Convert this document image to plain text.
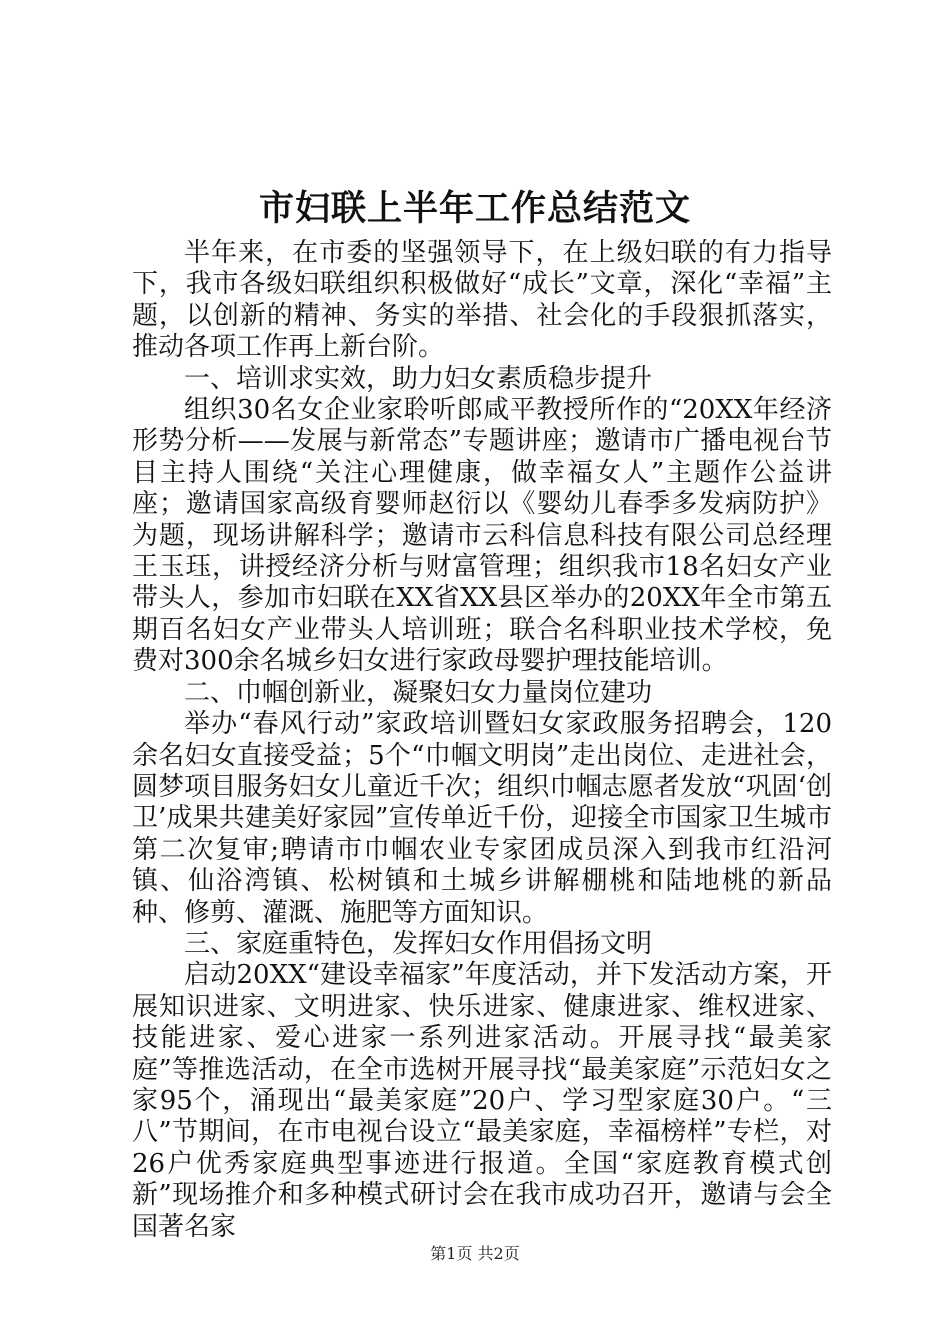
市妇联上半年工作总结范文

半年来，在市委的坚强领导下，在上级妇联的有力指导下，我市各级妇联组织积极做好“成长”文章，深化“幸福”主题，以创新的精神、务实的举措、社会化的手段狠抓落实，推动各项工作再上新台阶。

一、培训求实效，助力妇女素质稳步提升

组织30名女企业家聆听郎咸平教授所作的“20XX年经济形势分析——发展与新常态”专题讲座；邀请市广播电视台节目主持人围绕“关注心理健康，做幸福女人”主题作公益讲座；邀请国家高级育婴师赵衍以《婴幼儿春季多发病防护》为题，现场讲解科学；邀请市云科信息科技有限公司总经理王玉珏，讲授经济分析与财富管理；组织我市18名妇女产业带头人，参加市妇联在XX省XX县区举办的20XX年全市第五期百名妇女产业带头人培训班；联合名科职业技术学校，免费对300余名城乡妇女进行家政母婴护理技能培训。

二、巾帼创新业，凝聚妇女力量岗位建功

举办“春风行动”家政培训暨妇女家政服务招聘会，120余名妇女直接受益；5个“巾帼文明岗”走出岗位、走进社会，圆梦项目服务妇女儿童近千次；组织巾帼志愿者发放“巩固‘创卫’成果共建美好家园”宣传单近千份，迎接全市国家卫生城市第二次复审;聘请市巾帼农业专家团成员深入到我市红沿河镇、仙浴湾镇、松树镇和土城乡讲解棚桃和陆地桃的新品种、修剪、灌溉、施肥等方面知识。

三、家庭重特色，发挥妇女作用倡扬文明

启动20XX“建设幸福家”年度活动，并下发活动方案，开展知识进家、文明进家、快乐进家、健康进家、维权进家、技能进家、爱心进家一系列进家活动。开展寻找“最美家庭”等推选活动，在全市选树开展寻找“最美家庭”示范妇女之家95个，涌现出“最美家庭”20户、学习型家庭30户。“三八”节期间，在市电视台设立“最美家庭，幸福榜样”专栏，对26户优秀家庭典型事迹进行报道。全国“家庭教育模式创新”现场推介和多种模式研讨会在我市成功召开，邀请与会全国著名家

第1页 共2页
